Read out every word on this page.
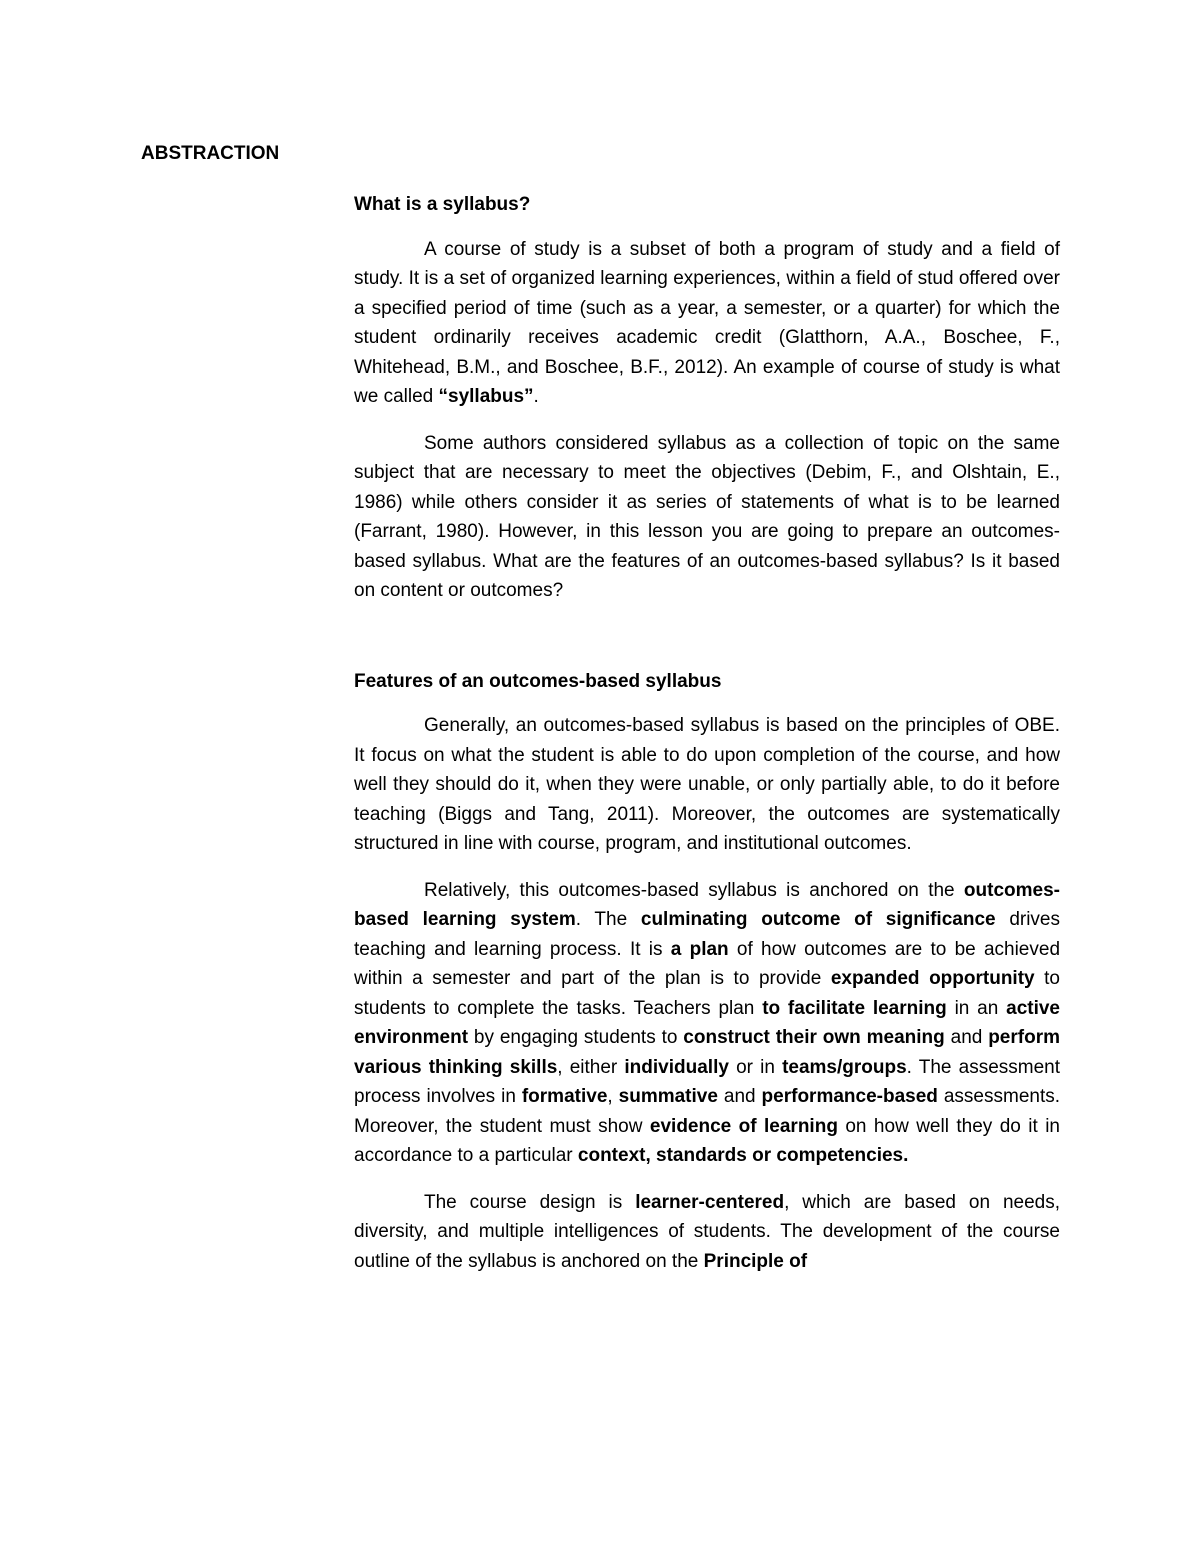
ABSTRACTION
What is a syllabus?

A course of study is a subset of both a program of study and a field of study. It is a set of organized learning experiences, within a field of stud offered over a specified period of time (such as a year, a semester, or a quarter) for which the student ordinarily receives academic credit (Glatthorn, A.A., Boschee, F., Whitehead, B.M., and Boschee, B.F., 2012). An example of course of study is what we called “syllabus”.

Some authors considered syllabus as a collection of topic on the same subject that are necessary to meet the objectives (Debim, F., and Olshtain, E., 1986) while others consider it as series of statements of what is to be learned (Farrant, 1980). However, in this lesson you are going to prepare an outcomes-based syllabus. What are the features of an outcomes-based syllabus? Is it based on content or outcomes?

Features of an outcomes-based syllabus

Generally, an outcomes-based syllabus is based on the principles of OBE. It focus on what the student is able to do upon completion of the course, and how well they should do it, when they were unable, or only partially able, to do it before teaching (Biggs and Tang, 2011). Moreover, the outcomes are systematically structured in line with course, program, and institutional outcomes.

Relatively, this outcomes-based syllabus is anchored on the outcomes-based learning system. The culminating outcome of significance drives teaching and learning process. It is a plan of how outcomes are to be achieved within a semester and part of the plan is to provide expanded opportunity to students to complete the tasks. Teachers plan to facilitate learning in an active environment by engaging students to construct their own meaning and perform various thinking skills, either individually or in teams/groups. The assessment process involves in formative, summative and performance-based assessments. Moreover, the student must show evidence of learning on how well they do it in accordance to a particular context, standards or competencies.

The course design is learner-centered, which are based on needs, diversity, and multiple intelligences of students. The development of the course outline of the syllabus is anchored on the Principle of
